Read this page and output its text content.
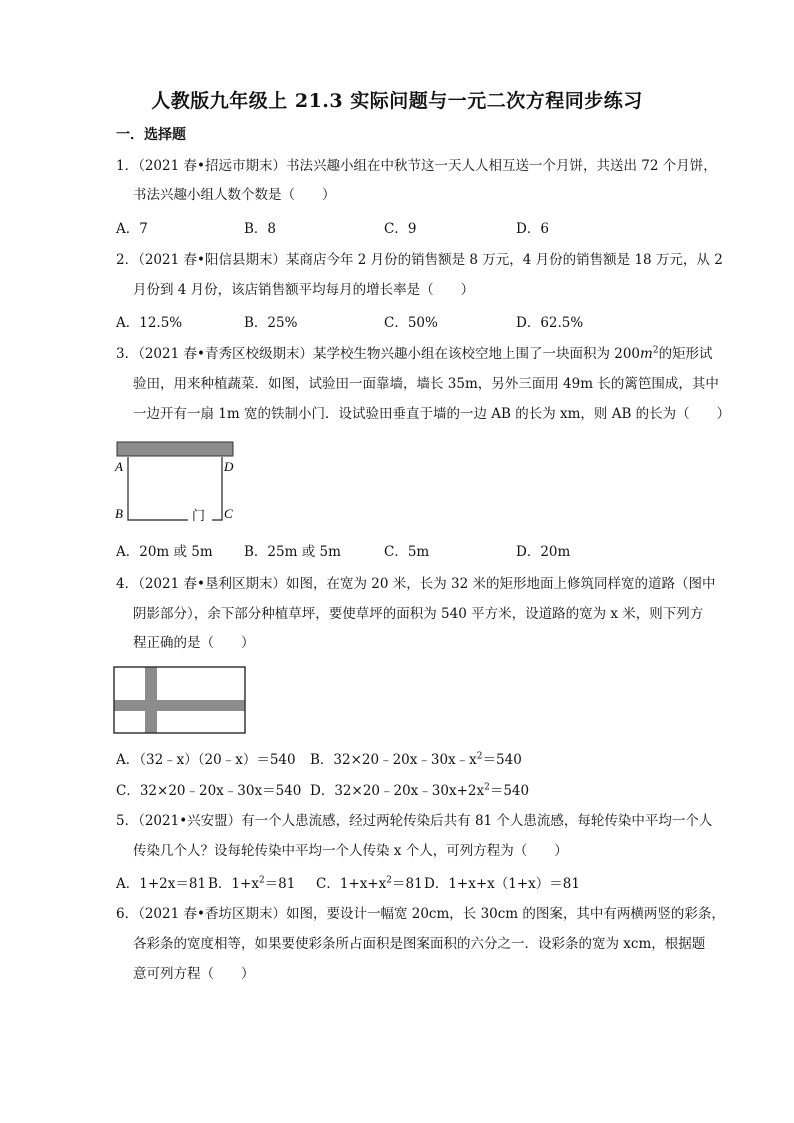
人教版九年级上 21.3 实际问题与一元二次方程同步练习
一．选择题
1．（2021 春•招远市期末）书法兴趣小组在中秋节这一天人人相互送一个月饼，共送出 72 个月饼，
书法兴趣小组人数个数是（　　）
A．7	B．8	C．9	D．6
2．（2021 春•阳信县期末）某商店今年 2 月份的销售额是 8 万元，4 月份的销售额是 18 万元，从 2
月份到 4 月份，该店销售额平均每月的增长率是（　　）
A．12.5%	B．25%	C．50%	D．62.5%
3．（2021 春•青秀区校级期末）某学校生物兴趣小组在该校空地上围了一块面积为 $200m^2$的矩形试
验田，用来种植蔬菜．如图，试验田一面靠墙，墙长 35m，另外三面用 49m 长的篱笆围成，其中
一边开有一扇 1m 宽的铁制小门．设试验田垂直于墙的一边 AB 的长为 xm，则 AB 的长为（　　）
A	D
B	C
门
A．20m 或 5m B．25m 或 5m	C．5m	D．20m
4．（2021 春•垦利区期末）如图，在宽为 20 米，长为 32 米的矩形地面上修筑同样宽的道路（图中
阴影部分），余下部分种植草坪，要使草坪的面积为 540 平方米，设道路的宽为 x 米，则下列方
程正确的是（　　）
A．（32﹣x）（20﹣x）＝540 B．$32\times 20﹣20x﹣30x﹣x^2=540$
C．32×20﹣20x﹣30x＝540 D．$32\times 20﹣20x﹣30x+2x^2=540$
5．（2021•兴安盟）有一个人患流感，经过两轮传染后共有 81 个人患流感，每轮传染中平均一个人
传染几个人？设每轮传染中平均一个人传染 x 个人，可列方程为（　　）
A．1+2x＝81 B．$1+x^2=81$ C．$1+x+x^2=81$ D．1+x+x（1+x）＝81
6．（2021 春•香坊区期末）如图，要设计一幅宽 20cm，长 30cm 的图案，其中有两横两竖的彩条，
各彩条的宽度相等，如果要使彩条所占面积是图案面积的六分之一．设彩条的宽为 xcm，根据题
意可列方程（　　）
